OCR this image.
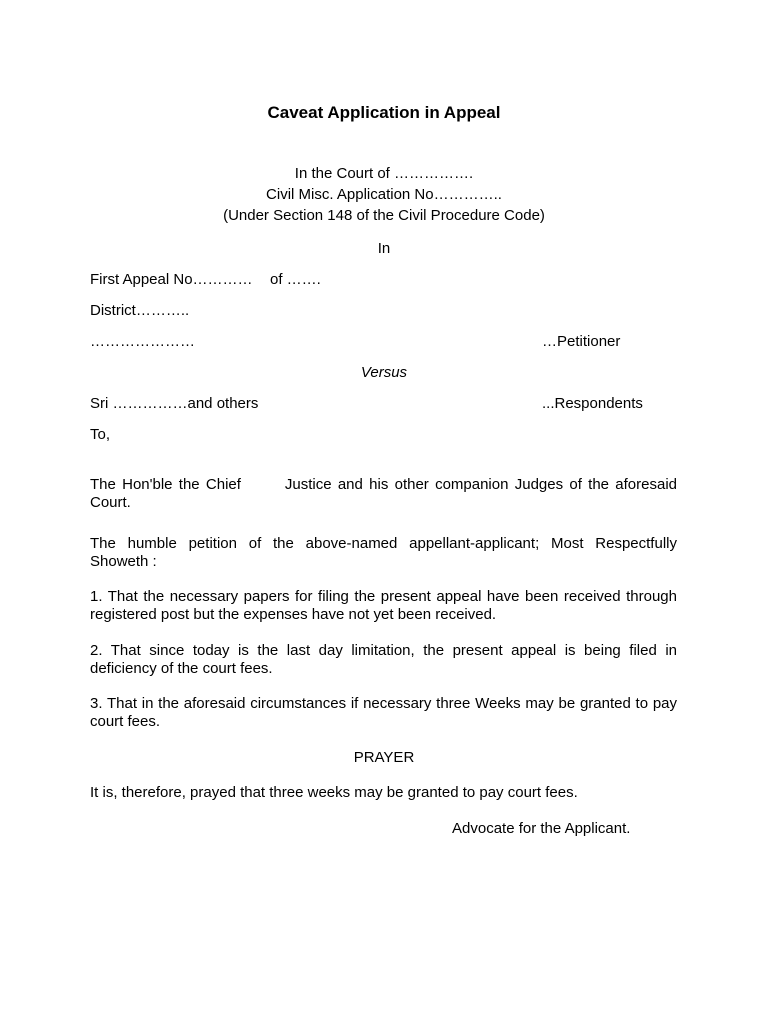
Caveat Application in Appeal
In the Court of …………….
Civil Misc. Application No…………..
(Under Section 148 of the Civil Procedure Code)
In
First Appeal No………… of …….
District………..
…………………	…Petitioner
Versus
Sri ……………and others	...Respondents
To,
The Hon'ble the Chief       Justice and his other companion Judges of the aforesaid Court.
The humble petition of the above-named appellant-applicant; Most Respectfully Showeth :
1. That the necessary papers for filing the present appeal have been received through registered post but the expenses have not yet been received.
2. That since today is the last day limitation, the present appeal is being filed in deficiency of the court fees.
3. That in the aforesaid circumstances if necessary three Weeks may be granted to pay court fees.
PRAYER
It is, therefore, prayed that three weeks may be granted to pay court fees.
Advocate for the Applicant.
